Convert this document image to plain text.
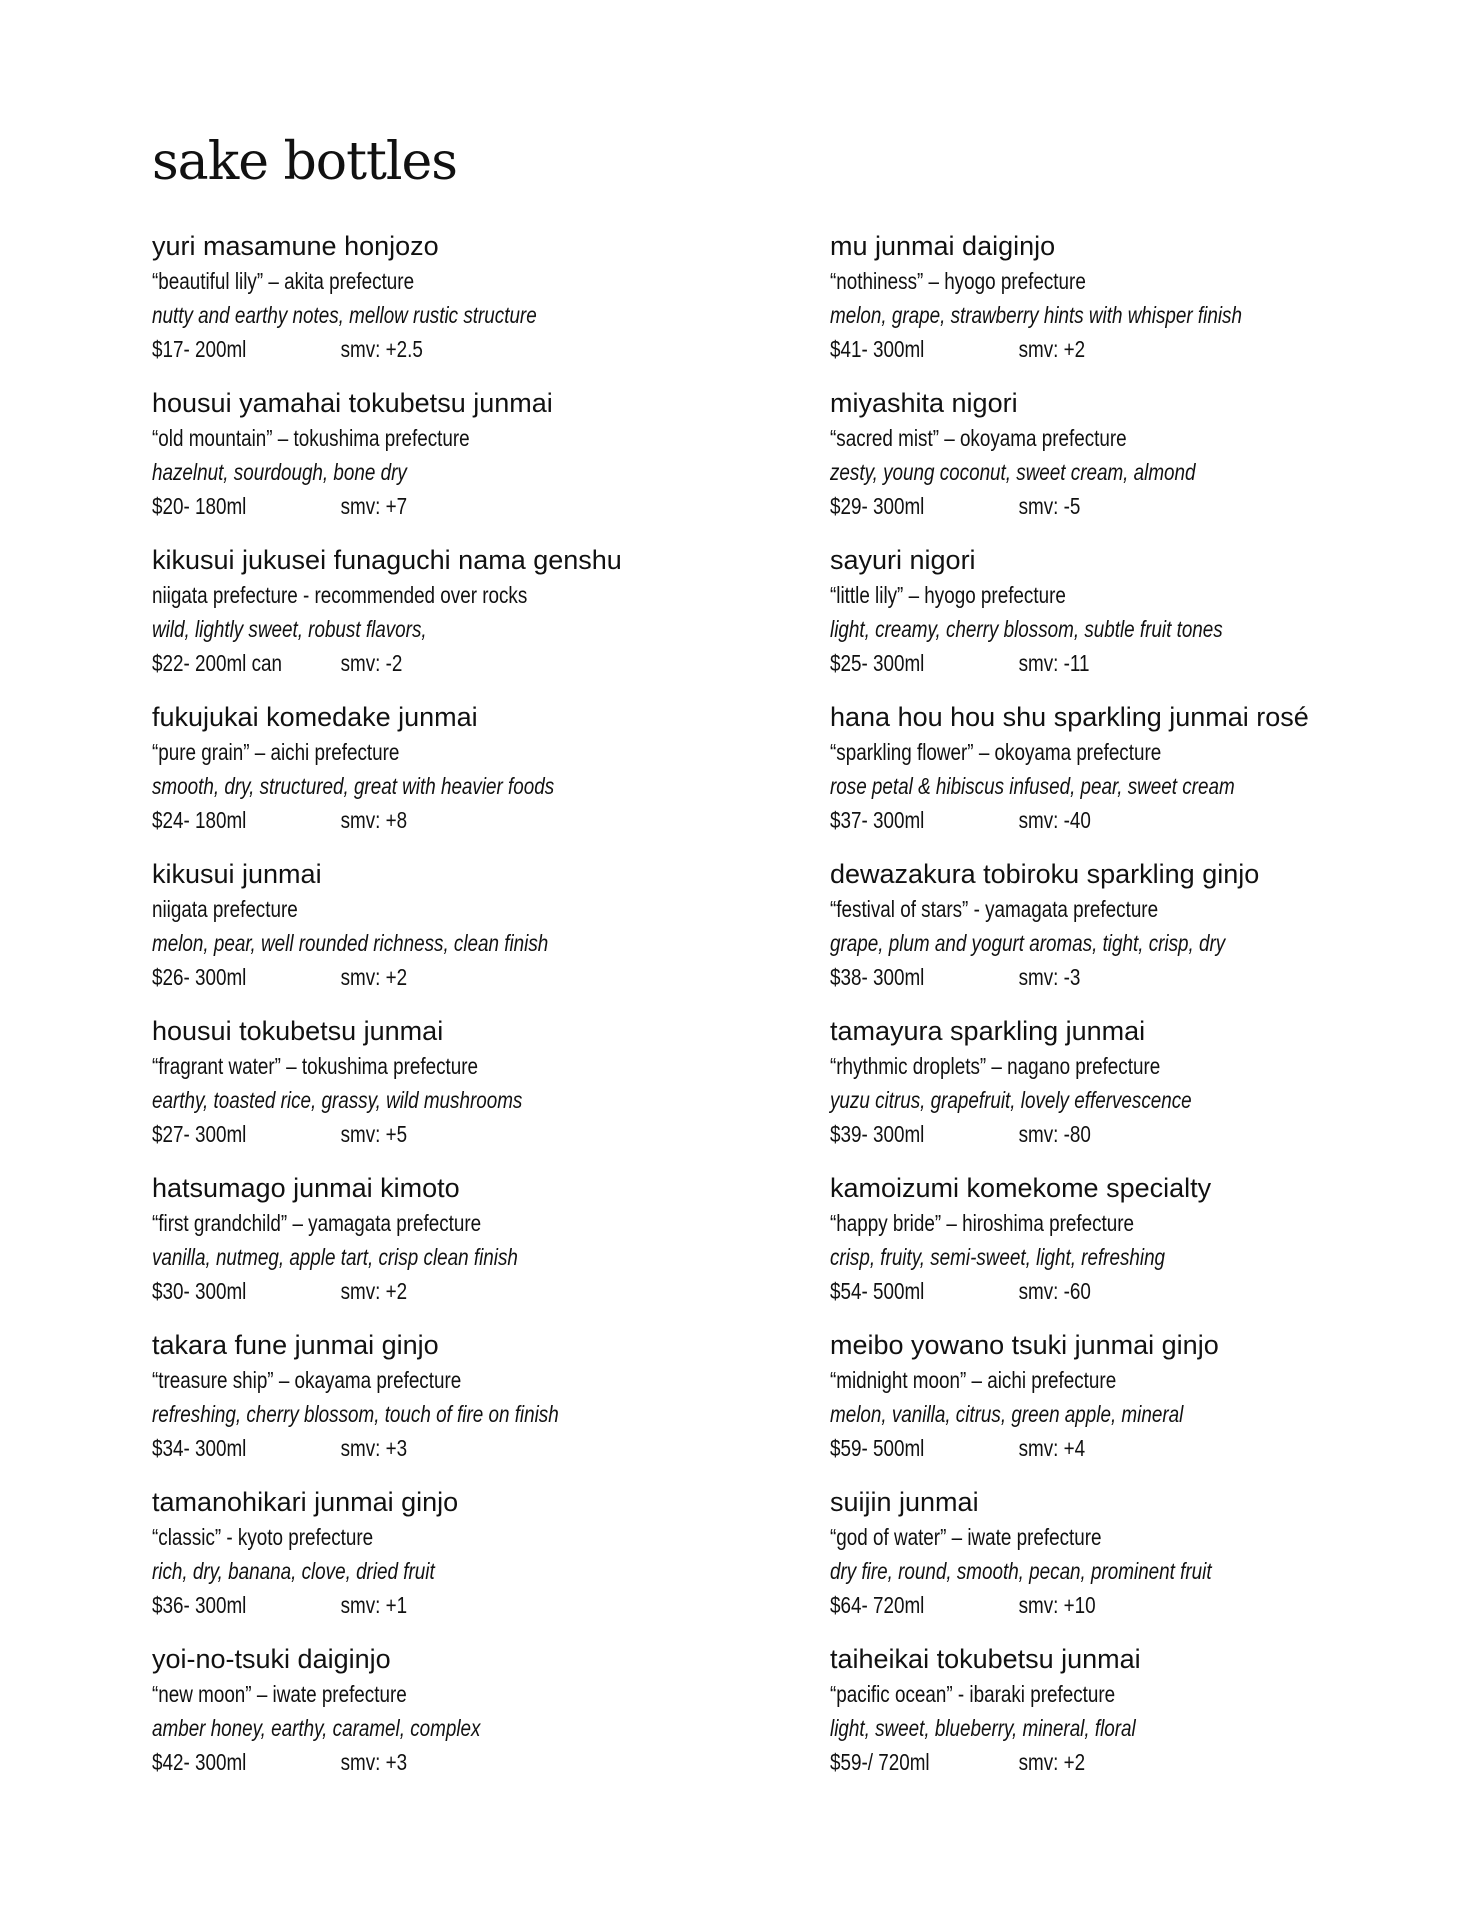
sake bottles
yuri masamune honjozo
“beautiful lily” – akita prefecture
nutty and earthy notes, mellow rustic structure
$17- 200ml	smv: +2.5
housui yamahai tokubetsu junmai
“old mountain” – tokushima prefecture
hazelnut, sourdough, bone dry
$20- 180ml	smv: +7
kikusui jukusei funaguchi nama genshu
niigata prefecture - recommended over rocks
wild, lightly sweet, robust flavors,
$22- 200ml can	smv: -2
fukujukai komedake junmai
“pure grain” – aichi prefecture
smooth, dry, structured, great with heavier foods
$24- 180ml	smv: +8
kikusui junmai
niigata prefecture
melon, pear, well rounded richness, clean finish
$26- 300ml	smv: +2
housui tokubetsu junmai
“fragrant water” – tokushima prefecture
earthy, toasted rice, grassy, wild mushrooms
$27- 300ml	smv: +5
hatsumago junmai kimoto
“first grandchild” – yamagata prefecture
vanilla, nutmeg, apple tart, crisp clean finish
$30- 300ml	smv: +2
takara fune junmai ginjo
“treasure ship” – okayama prefecture
refreshing, cherry blossom, touch of fire on finish
$34- 300ml	smv: +3
tamanohikari junmai ginjo
“classic” - kyoto prefecture
rich, dry, banana, clove, dried fruit
$36- 300ml	smv: +1
yoi-no-tsuki daiginjo
“new moon” – iwate prefecture
amber honey, earthy, caramel, complex
$42- 300ml	smv: +3
mu junmai daiginjo
“nothiness” – hyogo prefecture
melon, grape, strawberry hints with whisper finish
$41- 300ml	smv: +2
miyashita nigori
“sacred mist” – okoyama prefecture
zesty, young coconut, sweet cream, almond
$29- 300ml	smv: -5
sayuri nigori
“little lily” – hyogo prefecture
light, creamy, cherry blossom, subtle fruit tones
$25- 300ml	smv: -11
hana hou hou shu sparkling junmai rosé
“sparkling flower” – okoyama prefecture
rose petal & hibiscus infused, pear, sweet cream
$37- 300ml	smv: -40
dewazakura tobiroku sparkling ginjo
“festival of stars” - yamagata prefecture
grape, plum and yogurt aromas, tight, crisp, dry
$38- 300ml	smv: -3
tamayura sparkling junmai
“rhythmic droplets” – nagano prefecture
yuzu citrus, grapefruit, lovely effervescence
$39- 300ml	smv: -80
kamoizumi komekome specialty
“happy bride” – hiroshima prefecture
crisp, fruity, semi-sweet, light, refreshing
$54- 500ml	smv: -60
meibo yowano tsuki junmai ginjo
“midnight moon” – aichi prefecture
melon, vanilla, citrus, green apple, mineral
$59- 500ml	smv: +4
suijin junmai
“god of water” – iwate prefecture
dry fire, round, smooth, pecan, prominent fruit
$64- 720ml	smv: +10
taiheikai tokubetsu junmai
“pacific ocean” - ibaraki prefecture
light, sweet, blueberry, mineral, floral
$59-/ 720ml	smv: +2
